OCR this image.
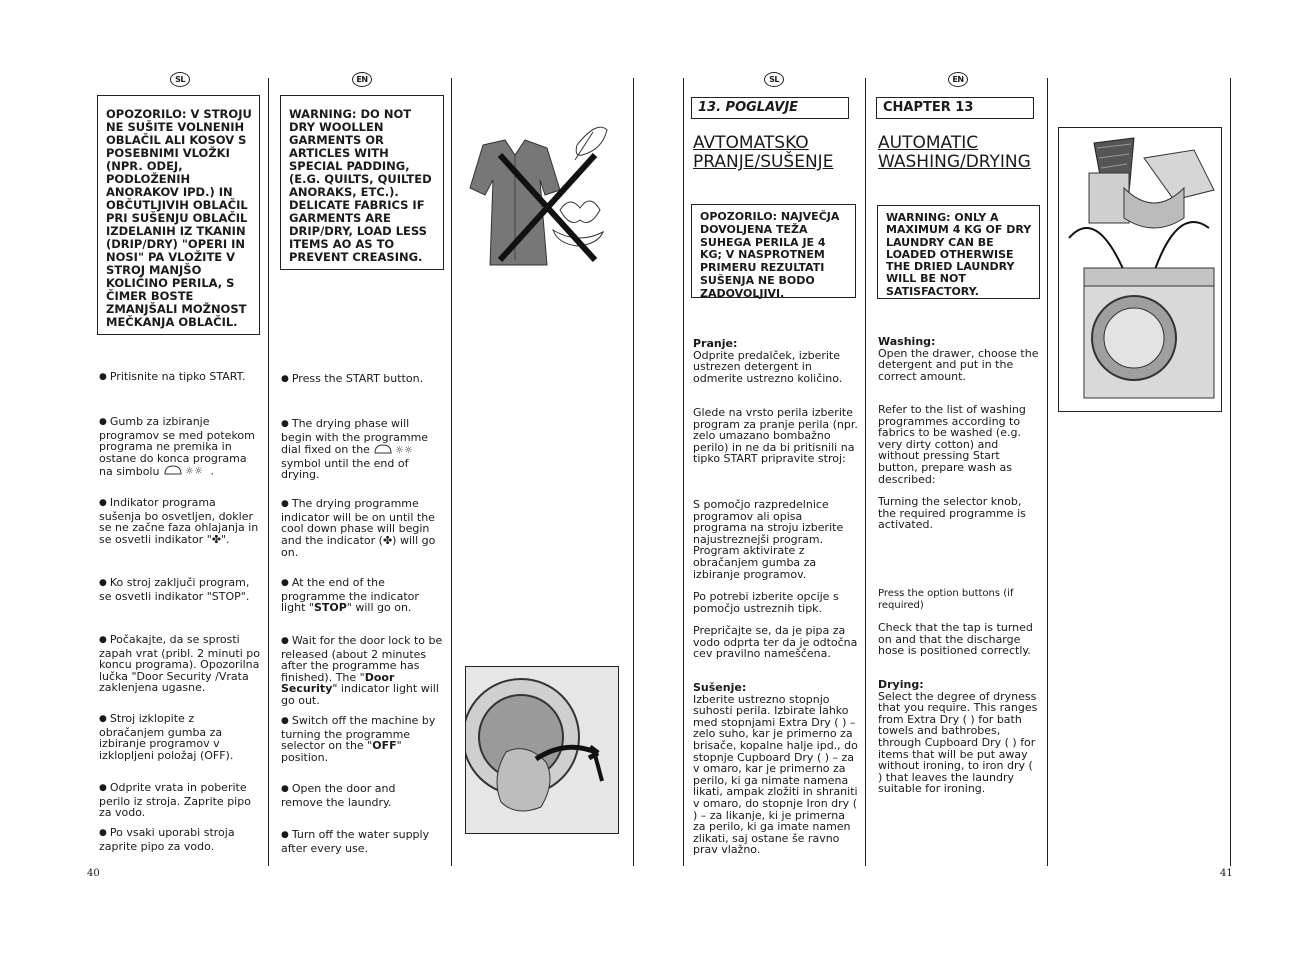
SL	EN	SL	EN
OPOZORILO: V STROJU NE SUŠITE VOLNENIH OBLAČIL ALI KOSOV S POSEBNIMI VLOŽKI (NPR. ODEJ, PODLOŽENIH ANORAKOV IPD.) IN OBČUTLJIVIH OBLAČIL PRI SUŠENJU OBLAČIL IZDELANIH IZ TKANIN (DRIP/DRY) "OPERI IN NOSI" PA VLOŽITE V STROJ MANJŠO KOLIČINO PERILA, S ČIMER BOSTE ZMANJŠALI MOŽNOST MEČKANJA OBLAČIL.
WARNING: DO NOT DRY WOOLLEN GARMENTS OR ARTICLES WITH SPECIAL PADDING, (E.G. QUILTS, QUILTED ANORAKS, ETC.). DELICATE FABRICS IF GARMENTS ARE DRIP/DRY, LOAD LESS ITEMS AO AS TO PREVENT CREASING.
● Pritisnite na tipko START.
● Gumb za izbiranje programov se med potekom programa ne premika in ostane do konca programa na simbolu	☼☼ .
● Indikator programa sušenja bo osvetljen, dokler se ne začne faza ohlajanja in se osvetli indikator "✤".
● Ko stroj zaključi program, se osvetli indikator "STOP".
● Počakajte, da se sprosti zapah vrat (pribl. 2 minuti po koncu programa). Opozorilna lučka "Door Security /Vrata zaklenjena ugasne.
● Stroj izklopite z obračanjem gumba za izbiranje programov v izklopljeni položaj (OFF).
● Odprite vrata in poberite perilo iz stroja. Zaprite pipo za vodo.
● Po vsaki uporabi stroja zaprite pipo za vodo.
● Press the START button.
● The drying phase will begin with the programme dial fixed on the	☼☼
symbol until the end of drying.
● The drying programme indicator will be on until the cool down phase will begin and the indicator (✤) will go on.
● At the end of the programme the indicator light "STOP" will go on.
● Wait for the door lock to be released (about 2 minutes after the programme has finished). The "Door Security" indicator light will go out.
● Switch off the machine by turning the programme selector on the "OFF" position.
● Open the door and remove the laundry.
● Turn off the water supply after every use.
40
13. POGLAVJE
AVTOMATSKO
PRANJE/SUŠENJE
OPOZORILO: NAJVEČJA DOVOLJENA TEŽA SUHEGA PERILA JE 4 KG; V NASPROTNEM PRIMERU REZULTATI SUŠENJA NE BODO ZADOVOLJIVI.
Pranje:
Odprite predalček, izberite ustrezen detergent in odmerite ustrezno količino.
Glede na vrsto perila izberite program za pranje perila (npr. zelo umazano bombažno perilo) in ne da bi pritisnili na tipko START pripravite stroj:
S pomočjo razpredelnice programov ali opisa programa na stroju izberite najustreznejši program. Program aktivirate z obračanjem gumba za izbiranje programov.
Po potrebi izberite opcije s pomočjo ustreznih tipk.
Prepričajte se, da je pipa za vodo odprta ter da je odtočna cev pravilno nameščena.
Sušenje:
Izberite ustrezno stopnjo suhosti perila. Izbirate lahko med stopnjami Extra Dry ( ) – zelo suho, kar je primerno za brisače, kopalne halje ipd., do stopnje Cupboard Dry ( ) – za v omaro, kar je primerno za perilo, ki ga nimate namena likati, ampak zložiti in shraniti v omaro, do stopnje Iron dry ( ) – za likanje, ki je primerna za perilo, ki ga imate namen zlikati, saj ostane še ravno prav vlažno.
CHAPTER 13
AUTOMATIC
WASHING/DRYING
WARNING: ONLY A MAXIMUM 4 KG OF DRY LAUNDRY CAN BE LOADED OTHERWISE THE DRIED LAUNDRY WILL BE NOT SATISFACTORY.
Washing:
Open the drawer, choose the detergent and put in the correct amount.
Refer to the list of washing programmes according to fabrics to be washed (e.g. very dirty cotton) and without pressing Start button, prepare wash as described:
Turning the selector knob, the required programme is activated.
Press the option buttons (if required)
Check that the tap is turned on and that the discharge hose is positioned correctly.
Drying:
Select the degree of dryness that you require. This ranges from Extra Dry ( ) for bath towels and bathrobes, through Cupboard Dry ( ) for items that will be put away without ironing, to iron dry ( ) that leaves the laundry suitable for ironing.
41
